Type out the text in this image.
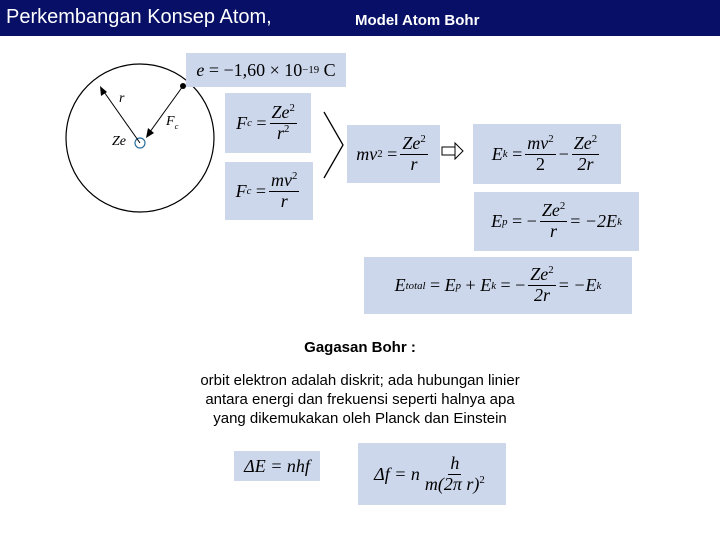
Perkembangan Konsep Atom,	Model Atom Bohr
r
Ze
$F_c$
e
=
−1,60 × 10 −19
C
F c
= $\frac{Ze^2}{r^2}$
F c
= $\frac{mv^2}{r}$
mv 2
= $\frac{Ze^2}{r}$	E k
= $\frac{mv^2}{2} - \frac{Ze^2}{2r}$
E p
= − $\frac{Ze^2}{r}$ =
−2E k
E total
=
E p
+
E k
= − $\frac{Ze^2}{2r}$ =
−E k
Gagasan Bohr :
orbit elektron adalah diskrit; ada hubungan linier
antara energi dan frekuensi seperti halnya apa
yang dikemukakan oleh Planck dan Einstein
ΔE = nhf	Δf = n $\frac{h}{m(2\pi r)^2}$
